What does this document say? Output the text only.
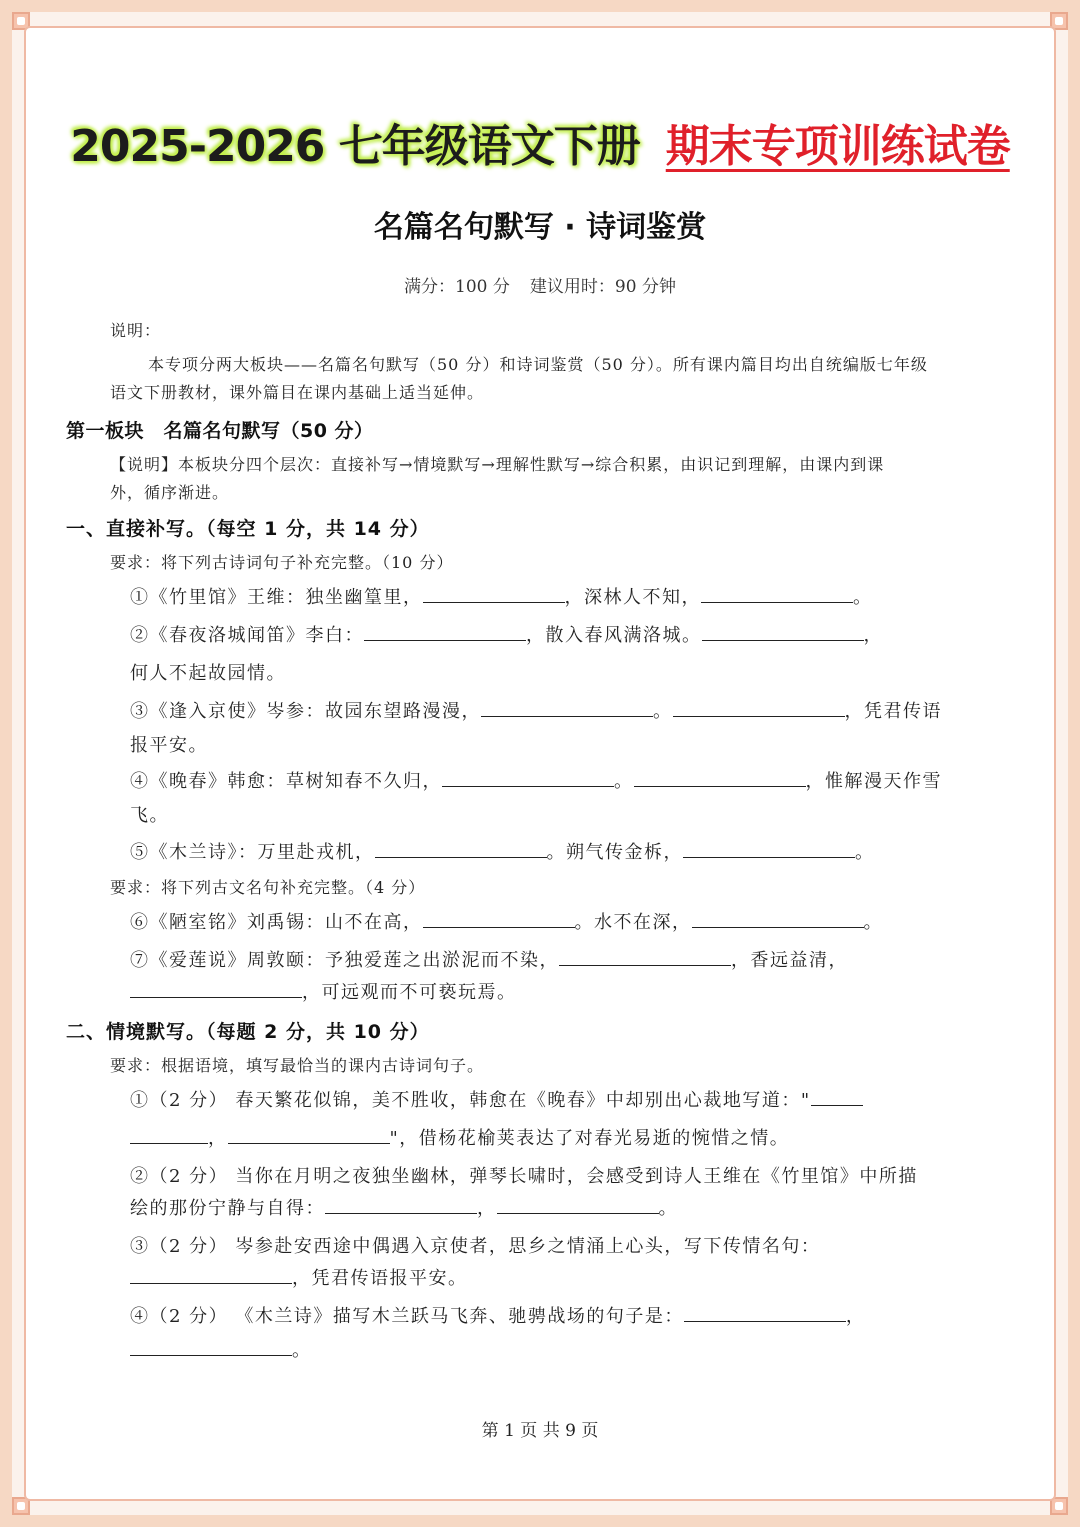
2025-2026 七年级语文下册 期末专项训练试卷
名篇名句默写 · 诗词鉴赏
满分：100 分 建议用时：90 分钟
说明：
本专项分两大板块——名篇名句默写（50 分）和诗词鉴赏（50 分）。所有课内篇目均出自统编版七年级
语文下册教材，课外篇目在课内基础上适当延伸。
第一板块　名篇名句默写（50 分）
【说明】本板块分四个层次：直接补写→情境默写→理解性默写→综合积累，由识记到理解，由课内到课
外，循序渐进。
一、直接补写。（每空 1 分，共 14 分）
要求：将下列古诗词句子补充完整。（10 分）
①《竹里馆》王维：独坐幽篁里，	，深林人不知，	。
②《春夜洛城闻笛》李白：	，散入春风满洛城。	，
何人不起故园情。
③《逢入京使》岑参：故园东望路漫漫，	。	，凭君传语
报平安。
④《晚春》韩愈：草树知春不久归，	。	，惟解漫天作雪
飞。
⑤《木兰诗》：万里赴戎机，	。朔气传金柝，	。
要求：将下列古文名句补充完整。（4 分）
⑥《陋室铭》刘禹锡：山不在高，	。水不在深，	。
⑦《爱莲说》周敦颐：予独爱莲之出淤泥而不染，	，香远益清，
，可远观而不可亵玩焉。
二、情境默写。（每题 2 分，共 10 分）
要求：根据语境，填写最恰当的课内古诗词句子。
①（2 分） 春天繁花似锦，美不胜收，韩愈在《晚春》中却别出心裁地写道："
，	"，借杨花榆荚表达了对春光易逝的惋惜之情。
②（2 分） 当你在月明之夜独坐幽林，弹琴长啸时，会感受到诗人王维在《竹里馆》中所描
绘的那份宁静与自得：	，	。
③（2 分） 岑参赴安西途中偶遇入京使者，思乡之情涌上心头，写下传情名句：
，凭君传语报平安。
④（2 分） 《木兰诗》描写木兰跃马飞奔、驰骋战场的句子是：	，
。
第 1 页 共 9 页
